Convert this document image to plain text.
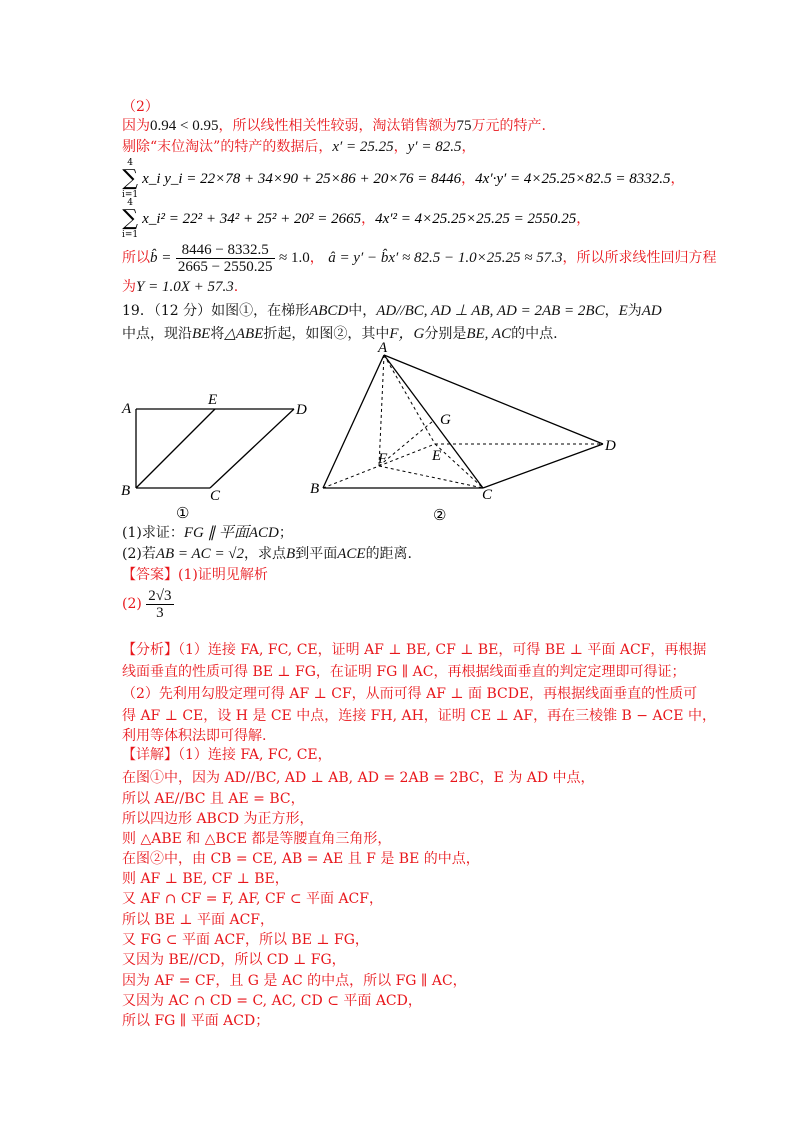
（2）
因为0.94 < 0.95，所以线性相关性较弱，淘汰销售额为75万元的特产.
剔除“末位淘汰”的特产的数据后，x′ = 25.25，y′ = 82.5，
4
∑
i=1
x_i y_i = 22×78 + 34×90 + 25×86 + 20×76 = 8446，4x′·y′ = 4×25.25×82.5 = 8332.5，
4
∑
i=1
x_i² = 22² + 34² + 25² + 20² = 2665，4x′² = 4×25.25×25.25 = 2550.25，
所以b̂ = $\frac{8446 - 8332.5}{2665 - 2550.25} \approx 1.0$， â = y′ − b̂x′ ≈ 82.5 − 1.0×25.25 ≈ 57.3，所以所求线性回归方程
为Y = 1.0X + 57.3.
19．（12 分）如图①，在梯形ABCD中，AD//BC, AD ⊥ AB, AD = 2AB = 2BC，E为AD
中点，现沿BE将△ABE折起，如图②，其中F，G分别是BE, AC的中点.
A
E
D
B	C
①
A
G
E
F
D
B	C
②
(1)求证：FG ∥ 平面ACD；
(2)若AB = AC = √2，求点B到平面ACE的距离.
【答案】(1)证明见解析
$(2) \frac{2√3}{3}$
【分析】（1）连接 FA, FC, CE，证明 AF ⊥ BE, CF ⊥ BE，可得 BE ⊥ 平面 ACF，再根据
线面垂直的性质可得 BE ⊥ FG，在证明 FG ∥ AC，再根据线面垂直的判定定理即可得证；
（2）先利用勾股定理可得 AF ⊥ CF，从而可得 AF ⊥ 面 BCDE，再根据线面垂直的性质可
得 AF ⊥ CE，设 H 是 CE 中点，连接 FH, AH，证明 CE ⊥ AF，再在三棱锥 B − ACE 中，
利用等体积法即可得解.
【详解】（1）连接 FA, FC, CE，
在图①中，因为 AD//BC, AD ⊥ AB, AD = 2AB = 2BC，E 为 AD 中点，
所以 AE//BC 且 AE = BC，
所以四边形 ABCD 为正方形，
则 △ABE 和 △BCE 都是等腰直角三角形，
在图②中，由 CB = CE, AB = AE 且 F 是 BE 的中点，
则 AF ⊥ BE, CF ⊥ BE，
又 AF ∩ CF = F, AF, CF ⊂ 平面 ACF，
所以 BE ⊥ 平面 ACF，
又 FG ⊂ 平面 ACF，所以 BE ⊥ FG，
又因为 BE//CD，所以 CD ⊥ FG，
因为 AF = CF，且 G 是 AC 的中点，所以 FG ∥ AC，
又因为 AC ∩ CD = C, AC, CD ⊂ 平面 ACD，
所以 FG ∥ 平面 ACD；
